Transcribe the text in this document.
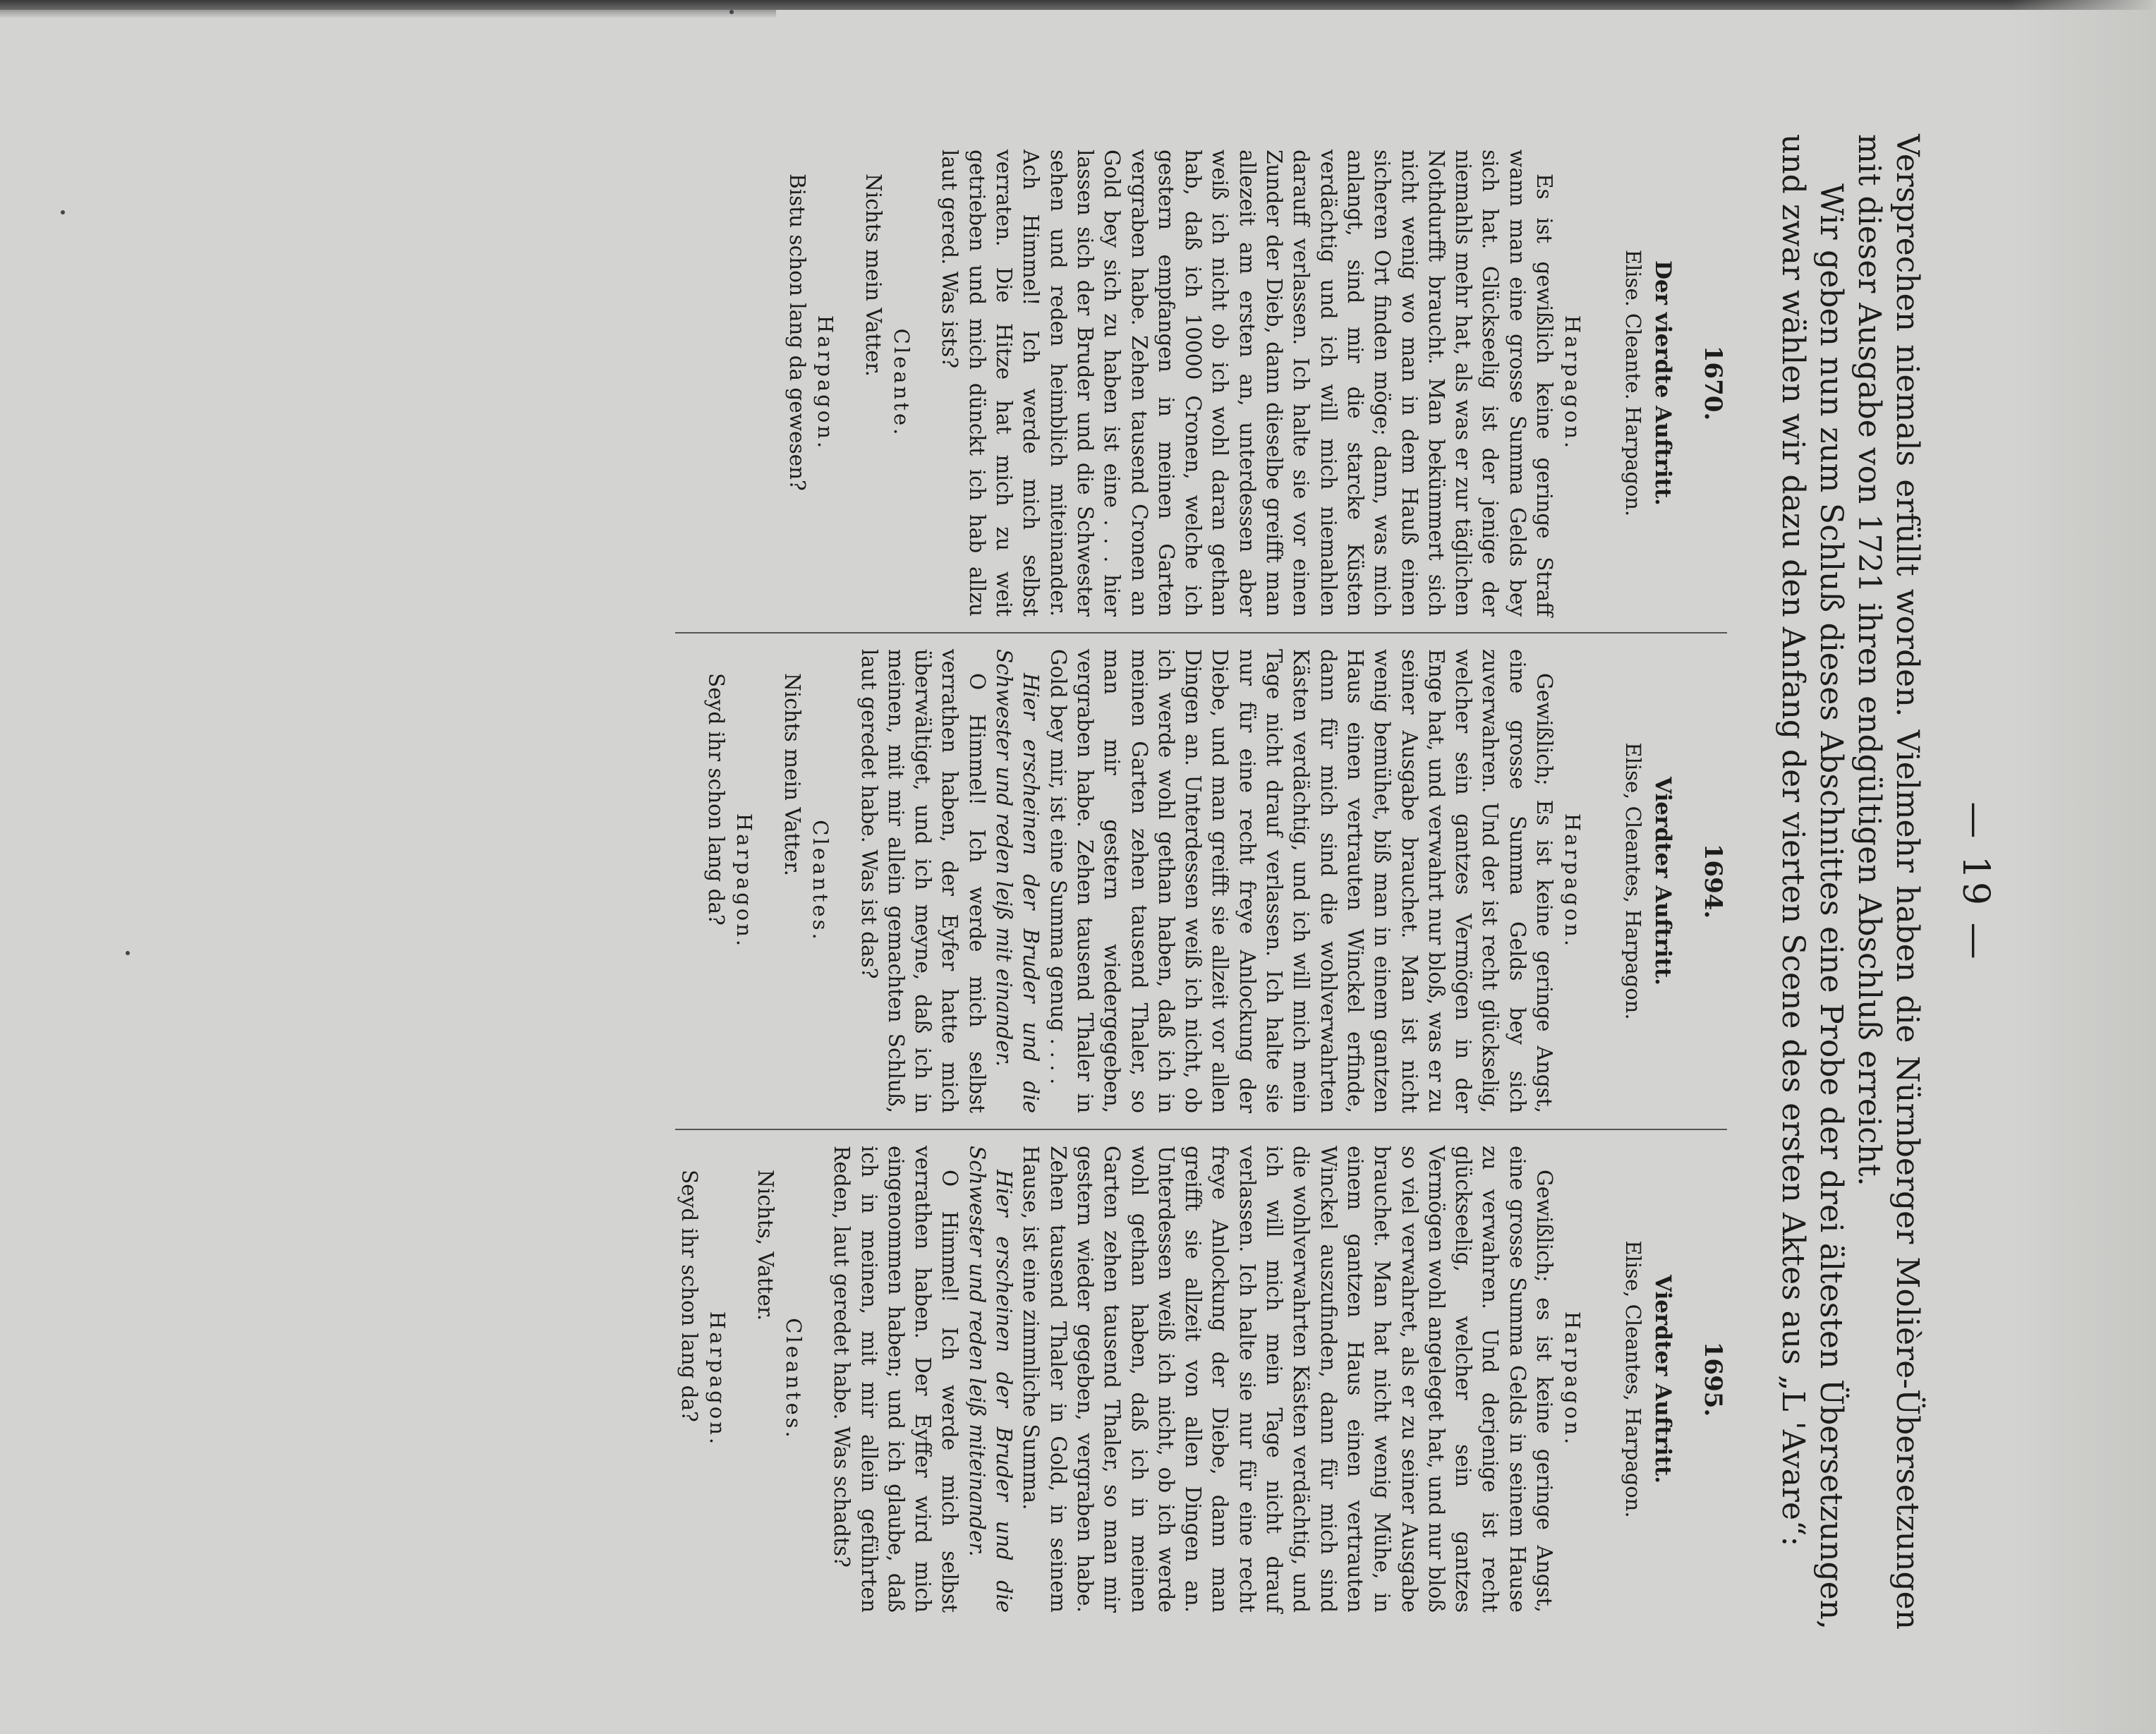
— 19 —

Versprechen niemals erfüllt worden. Vielmehr haben die Nürnberger Molière-Übersetzungen mit dieser Ausgabe von 1721 ihren endgültigen Abschluß erreicht.

Wir geben nun zum Schluß dieses Abschnittes eine Probe der drei ältesten Übersetzungen, und zwar wählen wir dazu den Anfang der vierten Scene des ersten Aktes aus „L 'Avare“:

1670.
Der vierdte Auftritt.
Elise. Cleante. Harpagon.
Harpagon.

Es ist gewißlich keine geringe Straff wann man eine grosse Summa Gelds bey sich hat. Glückseelig ist der jenige der niemahls mehr hat, als was er zur täglichen Nothdurfft braucht. Man bekümmert sich nicht wenig wo man in dem Hauß einen sicheren Ort finden möge; dann, was mich anlangt, sind mir die starcke Küsten verdächtig und ich will mich niemahlen darauff verlassen. Ich halte sie vor einen Zunder der Dieb, dann dieselbe greifft man allezeit am ersten an, unterdessen aber weiß ich nicht ob ich wohl daran gethan hab, daß ich 10000 Cronen, welche ich gestern empfangen in meinen Garten vergraben habe. Zehen tausend Cronen an Gold bey sich zu haben ist eine . . . hier lassen sich der Bruder und die Schwester sehen und reden heimblich miteinander. Ach Himmel! Ich werde mich selbst verraten. Die Hitze hat mich zu weit getrieben und mich dünckt ich hab allzu laut gered. Was ists?

Cleante.

Nichts mein Vatter.

Harpagon.

Bistu schon lang da gewesen?

1694.
Vierdter Auftritt.
Elise, Cleantes, Harpagon.
Harpagon.

Gewißlich; Es ist keine geringe Angst, eine grosse Summa Gelds bey sich zuverwahren. Und der ist recht glückselig, welcher sein gantzes Vermögen in der Enge hat, und verwahrt nur bloß, was er zu seiner Ausgabe brauchet. Man ist nicht wenig bemühet, biß man in einem gantzen Haus einen vertrauten Winckel erfinde, dann für mich sind die wohlverwahrten Kästen verdächtig, und ich will mich mein Tage nicht drauf verlassen. Ich halte sie nur für eine recht freye Anlockung der Diebe, und man greifft sie allzeit vor allen Dingen an. Unterdessen weiß ich nicht, ob ich werde wohl gethan haben, daß ich in meinen Garten zehen tausend Thaler, so man mir gestern wiedergegeben, vergraben habe. Zehen tausend Thaler in Gold bey mir, ist eine Summa genug . . . .

Hier erscheinen der Bruder und die Schwester und reden leiß mit einander.

O Himmel! Ich werde mich selbst verrathen haben, der Eyfer hatte mich überwältiget, und ich meyne, daß ich in meinen, mit mir allein gemachten Schluß, laut geredet habe. Was ist das?

Cleantes.

Nichts mein Vatter.

Harpagon.

Seyd ihr schon lang da?

1695.
Vierdter Auftritt.
Elise, Cleantes, Harpagon.
Harpagon.

Gewißlich; es ist keine geringe Angst, eine grosse Summa Gelds in seinem Hause zu verwahren. Und derjenige ist recht glückseelig, welcher sein gantzes Vermögen wohl angeleget hat, und nur bloß so viel verwahret, als er zu seiner Ausgabe brauchet. Man hat nicht wenig Mühe, in einem gantzen Haus einen vertrauten Winckel auszufinden, dann für mich sind die wohlverwahrten Kästen verdächtig, und ich will mich mein Tage nicht drauf verlassen. Ich halte sie nur für eine recht freye Anlockung der Diebe, dann man greifft sie allzeit von allen Dingen an. Unterdessen weiß ich nicht, ob ich werde wohl gethan haben, daß ich in meinen Garten zehen tausend Thaler, so man mir gestern wieder gegeben, vergraben habe. Zehen tausend Thaler in Gold, in seinem Hause, ist eine zimmliche Summa.

Hier erscheinen der Bruder und die Schwester und reden leiß miteinander.

O Himmel! Ich werde mich selbst verrathen haben. Der Eyffer wird mich eingenommen haben; und ich glaube, daß ich in meinen, mit mir allein geführten Reden, laut geredet habe. Was schadts?

Cleantes.

Nichts, Vatter.

Harpagon.

Seyd ihr schon lang da?
